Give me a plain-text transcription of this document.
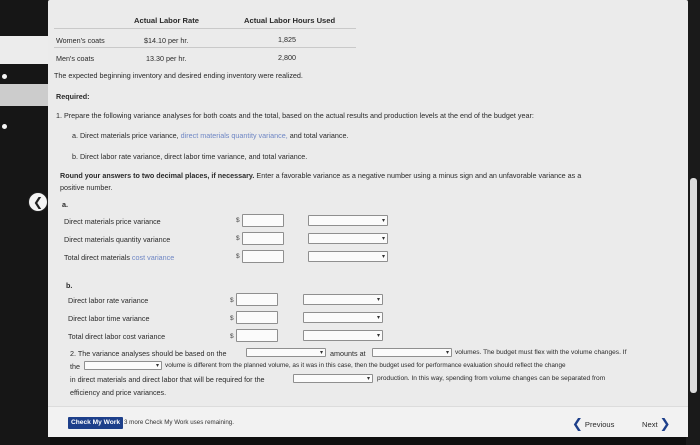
Actual Labor Rate	Actual Labor Hours Used
Women's coats	$14.10 per hr.	1,825
Men's coats	13.30 per hr.	2,800
The expected beginning inventory and desired ending inventory were realized.
Required:
1. Prepare the following variance analyses for both coats and the total, based on the actual results and production levels at the end of the budget year:
a. Direct materials price variance, direct materials quantity variance, and total variance.
b. Direct labor rate variance, direct labor time variance, and total variance.
Round your answers to two decimal places, if necessary. Enter a favorable variance as a negative number using a minus sign and an unfavorable variance as a
positive number.
a.
Direct materials price variance	$	▾
Direct materials quantity variance	$	▾
Total direct materials cost variance	$	▾
b.
Direct labor rate variance	$	▾
Direct labor time variance	$	▾
Total direct labor cost variance	$	▾
2. The variance analyses should be based on the	▾ amounts at	▾ volumes. The budget must flex with the volume changes. If
the	▾ volume is different from the planned volume, as it was in this case, then the budget used for performance evaluation should reflect the change
in direct materials and direct labor that will be required for the	▾ production. In this way, spending from volume changes can be separated from
efficiency and price variances.
Check My Work 3 more Check My Work uses remaining.	❮ Previous	Next ❯
❮
